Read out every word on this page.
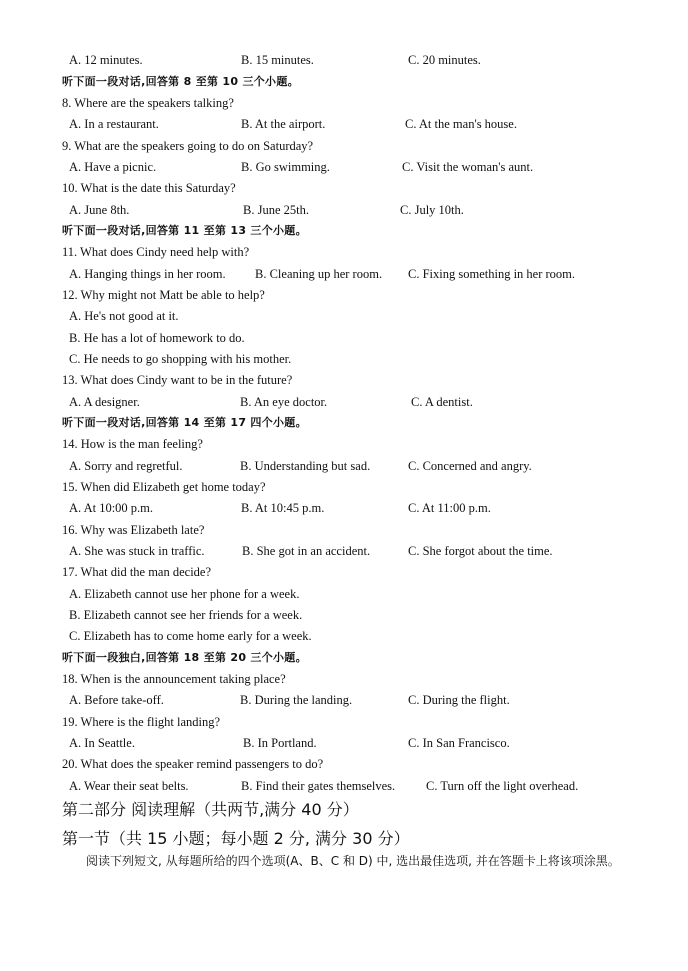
A. 12 minutes.	B. 15 minutes.	C. 20 minutes.
听下面一段对话,回答第 8 至第 10 三个小题。
8. Where are the speakers talking?
A. In a restaurant.	B. At the airport.	C. At the man's house.
9. What are the speakers going to do on Saturday?
A. Have a picnic.	B. Go swimming.	C. Visit the woman's aunt.
10. What is the date this Saturday?
A. June 8th.	B. June 25th.	C. July 10th.
听下面一段对话,回答第 11 至第 13 三个小题。
11. What does Cindy need help with?
A. Hanging things in her room. B. Cleaning up her room. C. Fixing something in her room.
12. Why might not Matt be able to help?
A. He's not good at it.
B. He has a lot of homework to do.
C. He needs to go shopping with his mother.
13. What does Cindy want to be in the future?
A. A designer.	B. An eye doctor.	C. A dentist.
听下面一段对话,回答第 14 至第 17 四个小题。
14. How is the man feeling?
A. Sorry and regretful.	B. Understanding but sad.	C. Concerned and angry.
15. When did Elizabeth get home today?
A. At 10:00 p.m.	B. At 10:45 p.m.	C. At 11:00 p.m.
16. Why was Elizabeth late?
A. She was stuck in traffic.	B. She got in an accident.	C. She forgot about the time.
17. What did the man decide?
A. Elizabeth cannot use her phone for a week.
B. Elizabeth cannot see her friends for a week.
C. Elizabeth has to come home early for a week.
听下面一段独白,回答第 18 至第 20 三个小题。
18. When is the announcement taking place?
A. Before take-off.	B. During the landing.	C. During the flight.
19. Where is the flight landing?
A. In Seattle.	B. In Portland.	C. In San Francisco.
20. What does the speaker remind passengers to do?
A. Wear their seat belts.	B. Find their gates themselves. C. Turn off the light overhead.
第二部分 阅读理解（共两节,满分 40 分）
第一节（共 15 小题；每小题 2 分, 满分 30 分）
阅读下列短文, 从每题所给的四个选项(A、B、C 和 D) 中, 选出最佳选项, 并在答题卡上将该项涂黑。
